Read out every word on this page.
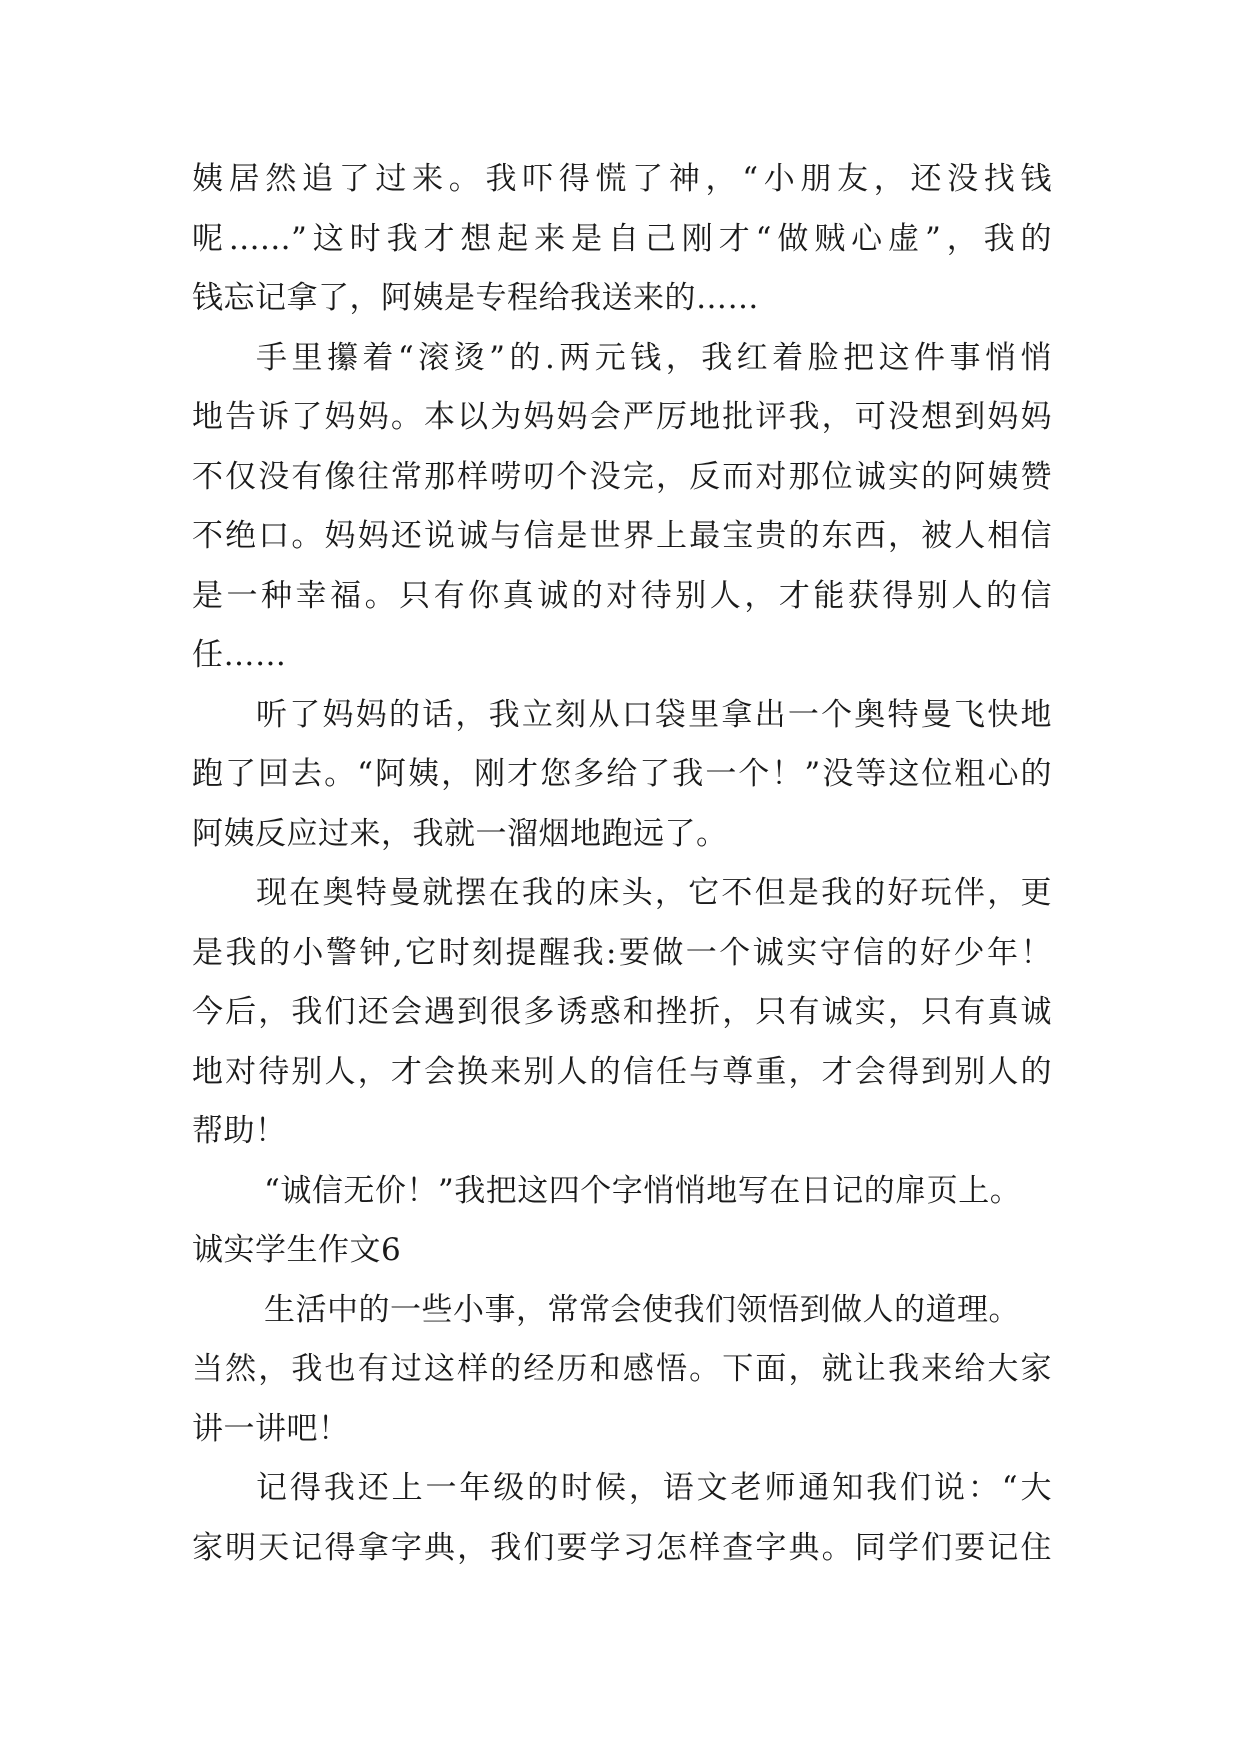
姨居然追了过来。我吓得慌了神，“小朋友，还没找钱
呢......”这时我才想起来是自己刚才“做贼心虚”，我的
钱忘记拿了，阿姨是专程给我送来的……
手里攥着“滚烫”的.两元钱，我红着脸把这件事悄悄
地告诉了妈妈。本以为妈妈会严厉地批评我，可没想到妈妈
不仅没有像往常那样唠叨个没完，反而对那位诚实的阿姨赞
不绝口。妈妈还说诚与信是世界上最宝贵的东西，被人相信
是一种幸福。只有你真诚的对待别人，才能获得别人的信
任……
听了妈妈的话，我立刻从口袋里拿出一个奥特曼飞快地
跑了回去。“阿姨，刚才您多给了我一个！”没等这位粗心的
阿姨反应过来，我就一溜烟地跑远了。
现在奥特曼就摆在我的床头，它不但是我的好玩伴，更
是我的小警钟,它时刻提醒我:要做一个诚实守信的好少年！
今后，我们还会遇到很多诱惑和挫折，只有诚实，只有真诚
地对待别人，才会换来别人的信任与尊重，才会得到别人的
帮助！
“诚信无价！”我把这四个字悄悄地写在日记的扉页上。
诚实学生作文6
生活中的一些小事，常常会使我们领悟到做人的道理。
当然，我也有过这样的经历和感悟。下面，就让我来给大家
讲一讲吧！
记得我还上一年级的时候，语文老师通知我们说：“大
家明天记得拿字典，我们要学习怎样查字典。同学们要记住
